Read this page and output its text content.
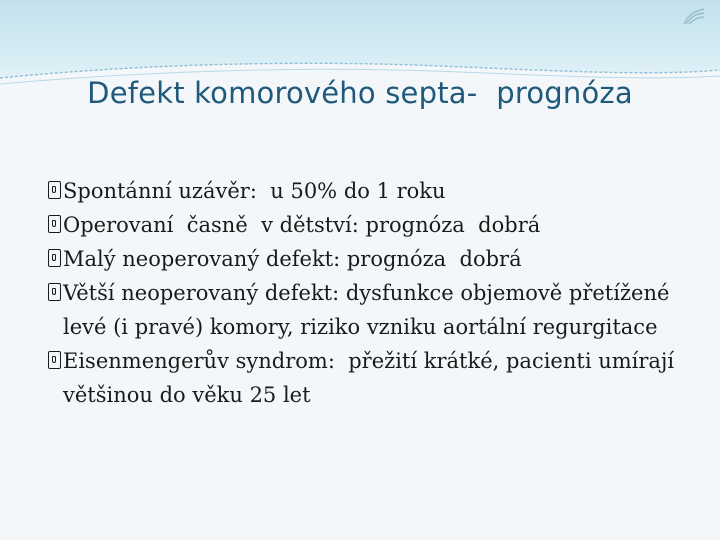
Defekt komorového septa-  prognóza
Spontánní uzávěr:  u 50% do 1 roku
Operovaní  časně  v dětství: prognóza  dobrá
Malý neoperovaný defekt: prognóza  dobrá
Větší neoperovaný defekt: dysfunkce objemově přetížené levé (i pravé) komory, riziko vzniku aortální regurgitace
Eisenmengerův syndrom:  přežití krátké, pacienti umírají většinou do věku 25 let
